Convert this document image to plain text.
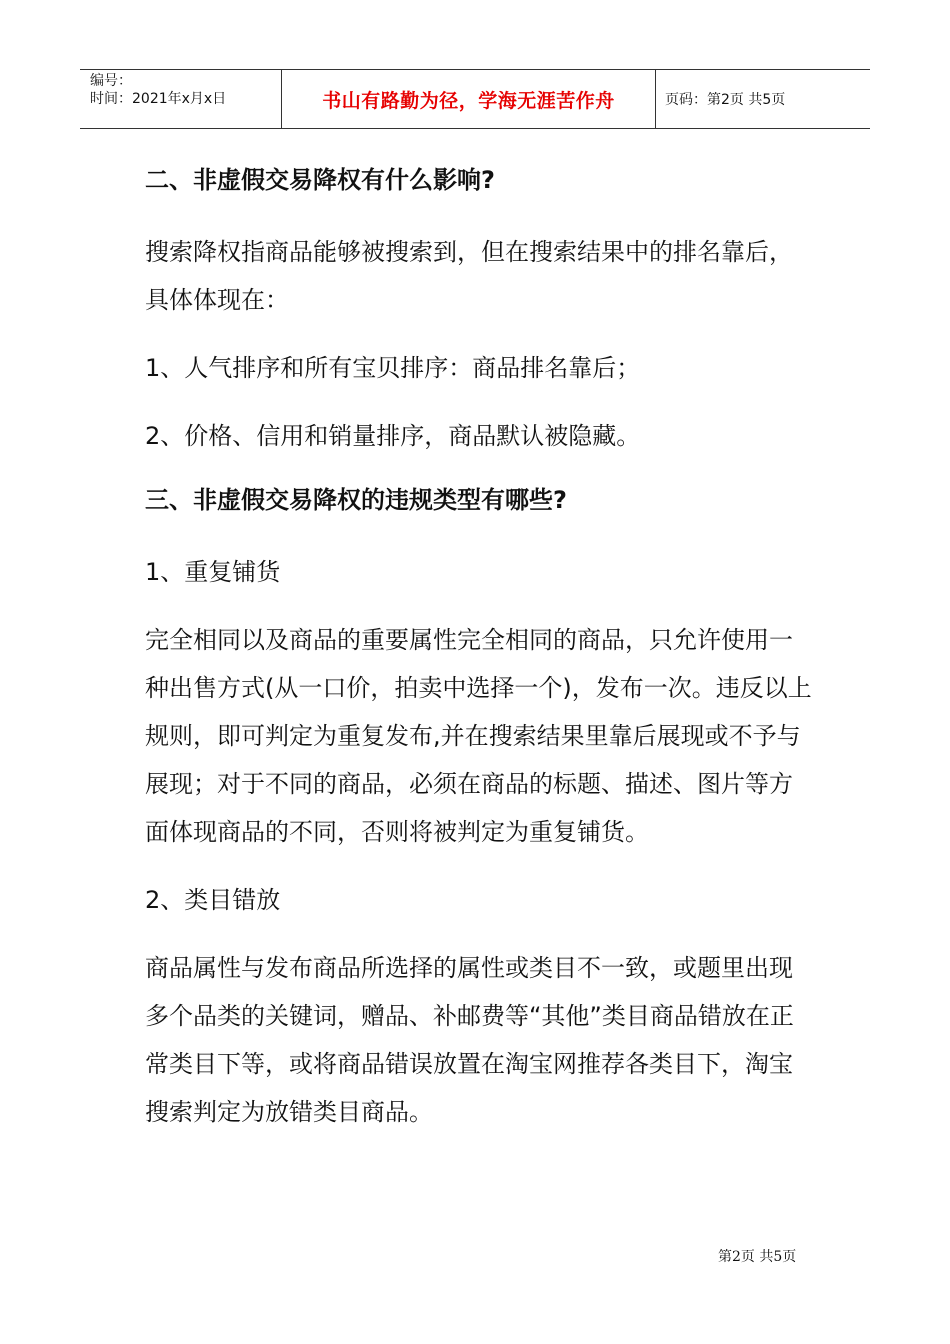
编号：
时间：2021年x月x日	书山有路勤为径，学海无涯苦作舟	页码：第2页 共5页
二、非虚假交易降权有什么影响?
搜索降权指商品能够被搜索到，但在搜索结果中的排名靠后，具体体现在：
1、人气排序和所有宝贝排序：商品排名靠后；
2、价格、信用和销量排序，商品默认被隐藏。
三、非虚假交易降权的违规类型有哪些?
1、重复铺货
完全相同以及商品的重要属性完全相同的商品，只允许使用一种出售方式(从一口价，拍卖中选择一个)，发布一次。违反以上规则，即可判定为重复发布,并在搜索结果里靠后展现或不予与展现；对于不同的商品，必须在商品的标题、描述、图片等方面体现商品的不同，否则将被判定为重复铺货。
2、类目错放
商品属性与发布商品所选择的属性或类目不一致，或题里出现多个品类的关键词，赠品、补邮费等“其他”类目商品错放在正常类目下等，或将商品错误放置在淘宝网推荐各类目下，淘宝搜索判定为放错类目商品。
第2页 共5页
